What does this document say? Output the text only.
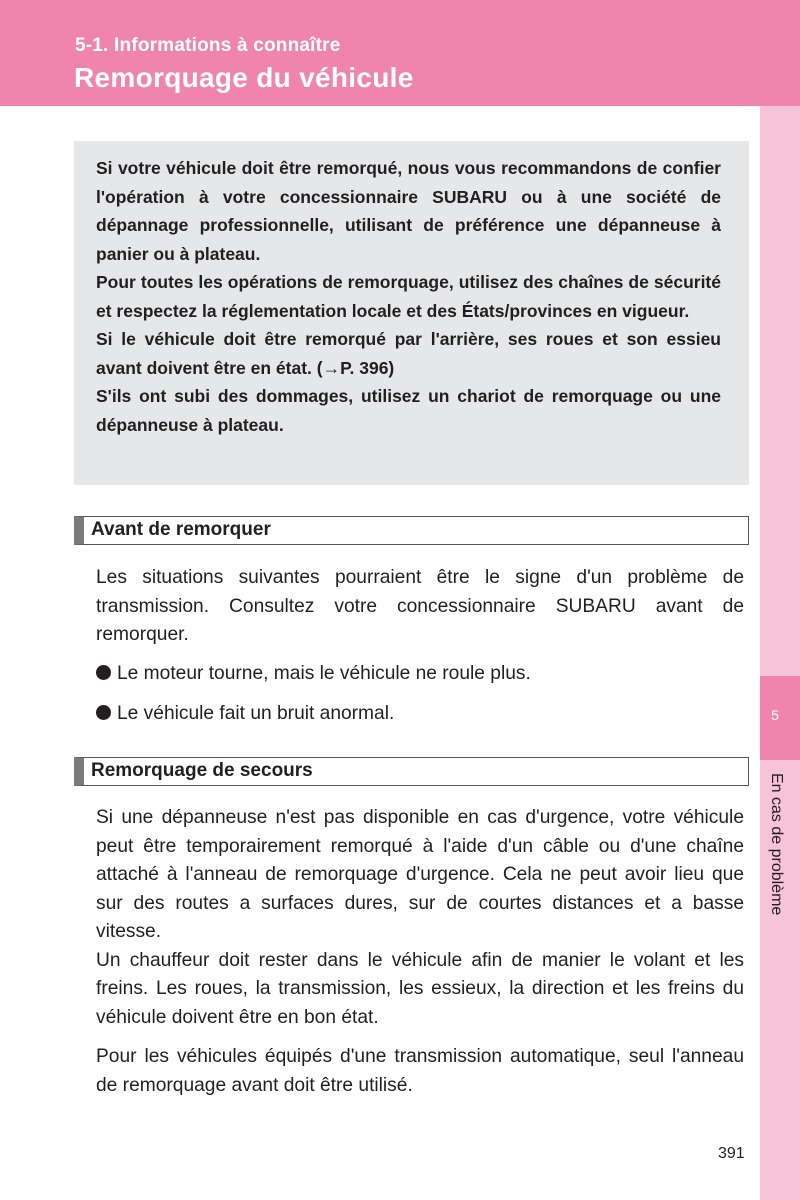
5-1. Informations à connaître
Remorquage du véhicule
5
En cas de problème

Si votre véhicule doit être remorqué, nous vous recommandons de confier l'opération à votre concessionnaire SUBARU ou à une société de dépannage professionnelle, utilisant de préférence une dépanneuse à panier ou à plateau.

Pour toutes les opérations de remorquage, utilisez des chaînes de sécurité et respectez la réglementation locale et des États/provinces en vigueur.

Si le véhicule doit être remorqué par l'arrière, ses roues et son essieu avant doivent être en état. (→P. 396)

S'ils ont subi des dommages, utilisez un chariot de remorquage ou une dépanneuse à plateau.

Avant de remorquer

Les situations suivantes pourraient être le signe d'un problème de transmission. Consultez votre concessionnaire SUBARU avant de remorquer.

Le moteur tourne, mais le véhicule ne roule plus.
Le véhicule fait un bruit anormal.
Remorquage de secours

Si une dépanneuse n'est pas disponible en cas d'urgence, votre véhicule peut être temporairement remorqué à l'aide d'un câble ou d'une chaîne attaché à l'anneau de remorquage d'urgence. Cela ne peut avoir lieu que sur des routes a surfaces dures, sur de courtes distances et a basse vitesse.

Un chauffeur doit rester dans le véhicule afin de manier le volant et les freins. Les roues, la transmission, les essieux, la direction et les freins du véhicule doivent être en bon état.

Pour les véhicules équipés d'une transmission automatique, seul l'anneau de remorquage avant doit être utilisé.

391
